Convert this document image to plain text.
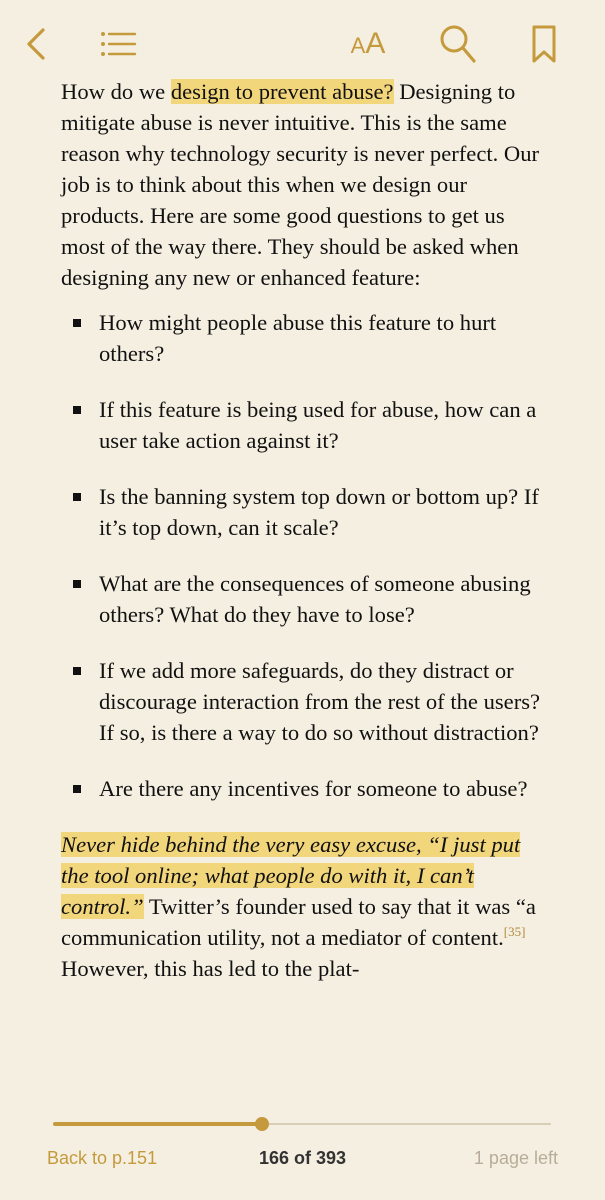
A A

How do we design to prevent abuse? Designing to mitigate abuse is never intuitive. This is the same reason why technology security is never perfect. Our job is to think about this when we design our products. Here are some good questions to get us most of the way there. They should be asked when designing any new or enhanced feature:

How might people abuse this feature to hurt others?
If this feature is being used for abuse, how can a user take action against it?
Is the banning system top down or bottom up? If it’s top down, can it scale?
What are the consequences of someone abusing others? What do they have to lose?
If we add more safeguards, do they distract or discourage interaction from the rest of the users? If so, is there a way to do so without distraction?
Are there any incentives for someone to abuse?

Never hide behind the very easy excuse, “I just put the tool online; what people do with it, I can’t control.” Twitter’s founder used to say that it was “a communication utility, not a mediator of content.[35] However, this has led to the plat-

Back to p.151	166 of 393	1 page left
